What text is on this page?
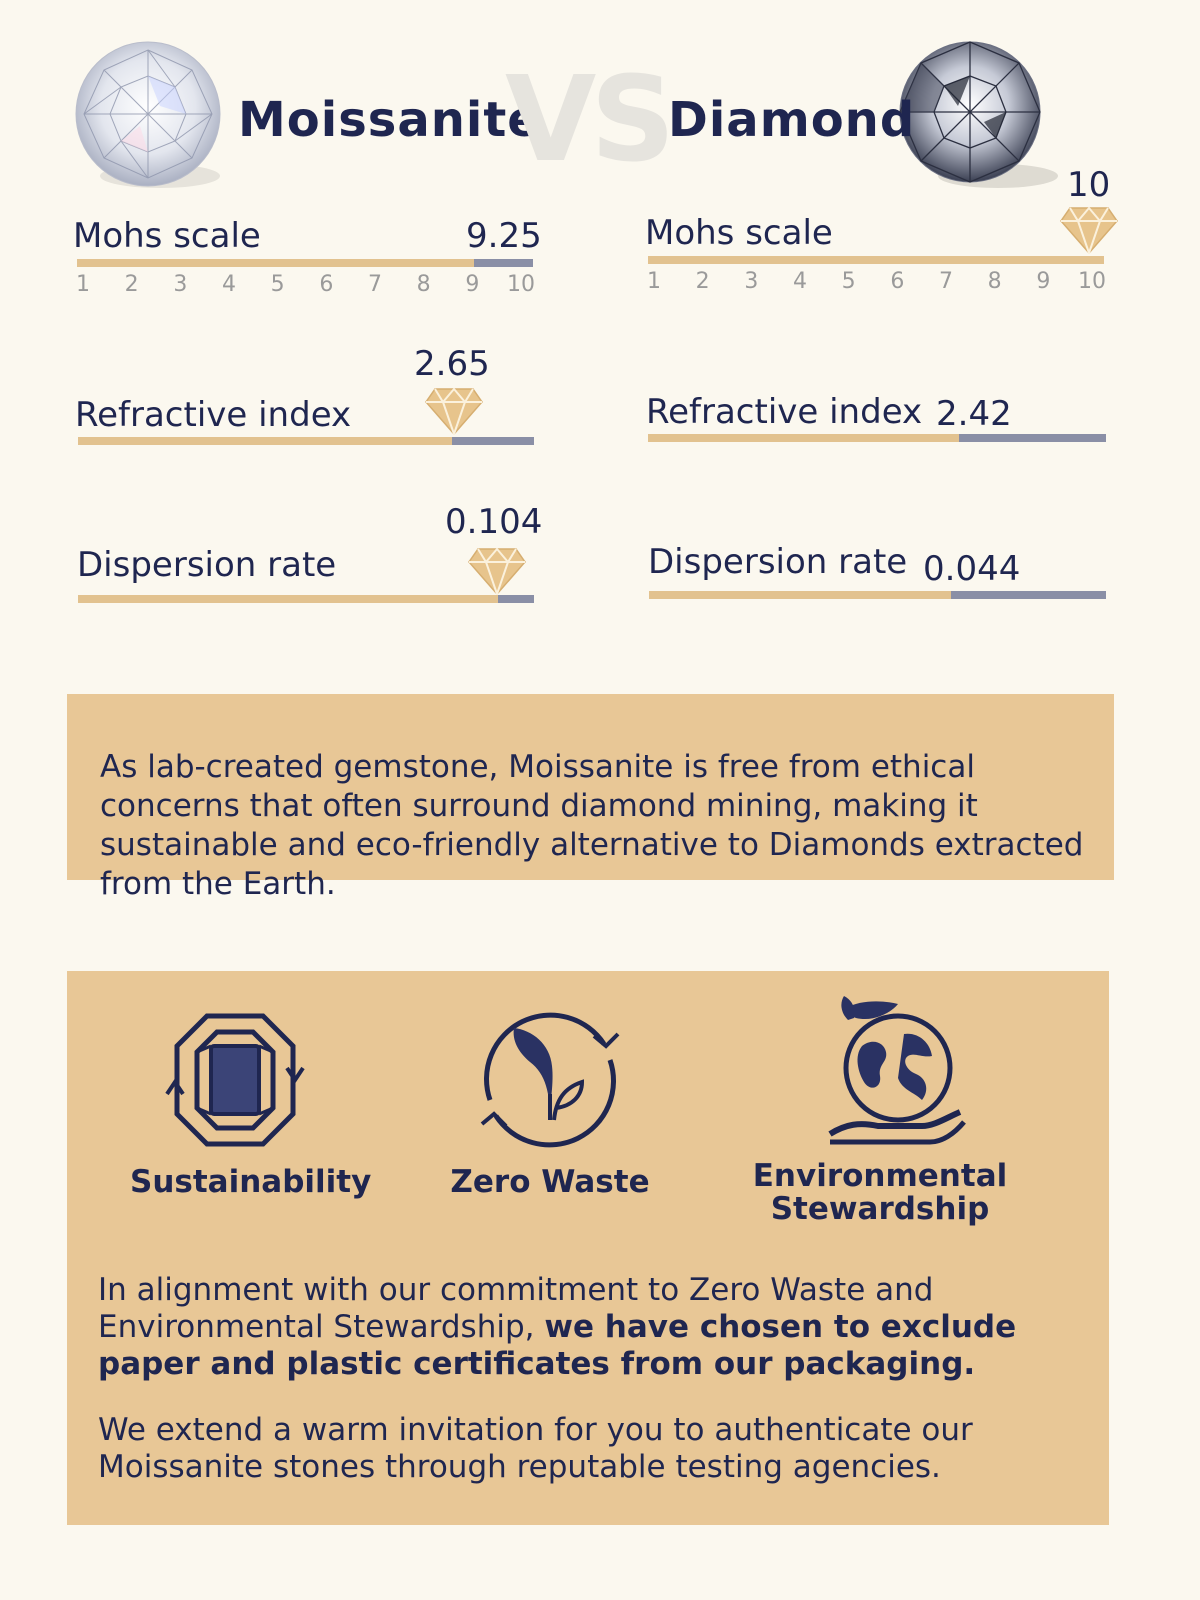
Moissanite
VS
Diamond
Mohs scale	9.25
1 2 3 4 5 6 7 8 9 10
2.65
Refractive index
0.104
Dispersion rate
10
Mohs scale
1 2 3 4 5 6 7 8 9 10
Refractive index 2.42
Dispersion rate 0.044
As lab-created gemstone, Moissanite is free from ethical concerns that often surround diamond mining, making it sustainable and eco-friendly alternative to Diamonds extracted from the Earth.
Sustainability	Zero Waste	Environmental
Stewardship
In alignment with our commitment to Zero Waste and Environmental Stewardship, we have chosen to exclude paper and plastic certificates from our packaging.
We extend a warm invitation for you to authenticate our Moissanite stones through reputable testing agencies.
